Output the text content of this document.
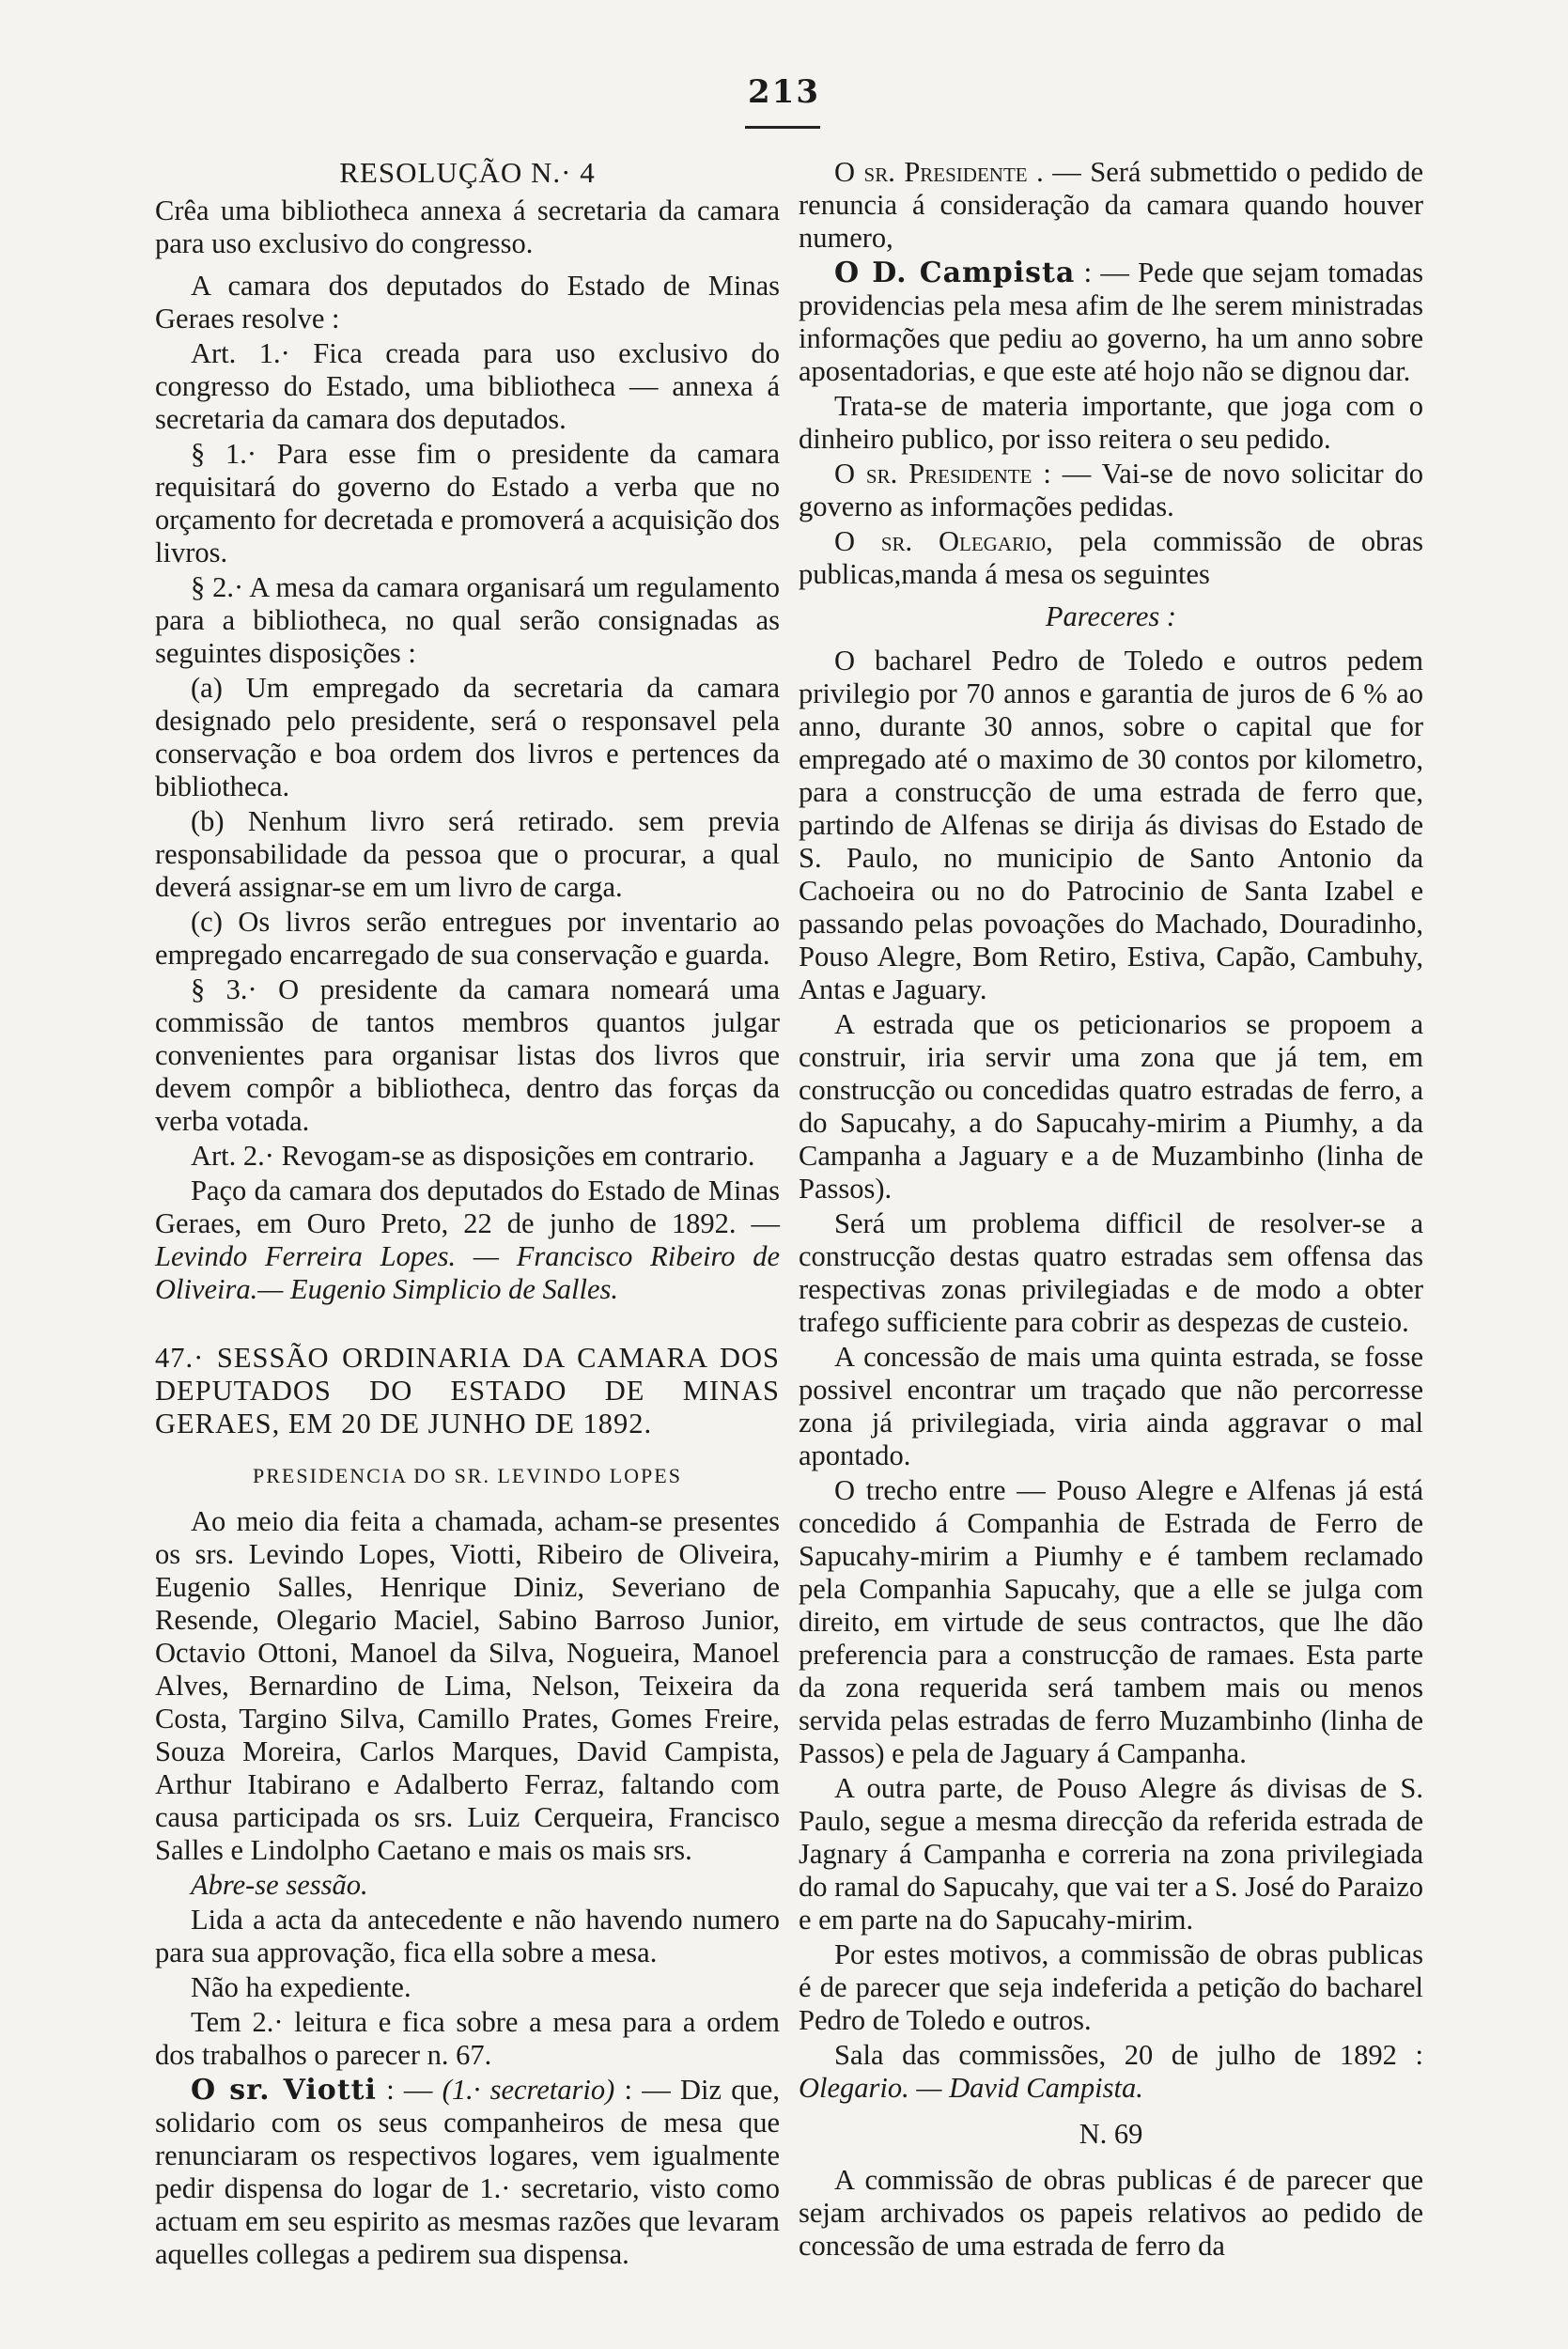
213

RESOLUÇÃO N.· 4

Crêa uma bibliotheca annexa á secretaria da camara para uso exclusivo do congresso.

A camara dos deputados do Estado de Minas Geraes resolve :

Art. 1.· Fica creada para uso exclusivo do congresso do Estado, uma bibliotheca — annexa á secretaria da camara dos deputados.

§ 1.· Para esse fim o presidente da camara requisitará do governo do Estado a verba que no orçamento for decretada e promoverá a acquisição dos livros.

§ 2.· A mesa da camara organisará um regulamento para a bibliotheca, no qual serão consignadas as seguintes disposições :

(a) Um empregado da secretaria da camara designado pelo presidente, será o responsavel pela conservação e boa ordem dos livros e pertences da bibliotheca.

(b) Nenhum livro será retirado. sem previa responsabilidade da pessoa que o procurar, a qual deverá assignar-se em um livro de carga.

(c) Os livros serão entregues por inventario ao empregado encarregado de sua conservação e guarda.

§ 3.· O presidente da camara nomeará uma commissão de tantos membros quantos julgar convenientes para organisar listas dos livros que devem compôr a bibliotheca, dentro das forças da verba votada.

Art. 2.· Revogam-se as disposições em contrario.

Paço da camara dos deputados do Estado de Minas Geraes, em Ouro Preto, 22 de junho de 1892. — Levindo Ferreira Lopes. — Francisco Ribeiro de Oliveira.— Eugenio Simplicio de Salles.

47.· SESSÃO ORDINARIA DA CAMARA DOS DEPUTADOS DO ESTADO DE MINAS GERAES, EM 20 DE JUNHO DE 1892.

PRESIDENCIA DO SR. LEVINDO LOPES

Ao meio dia feita a chamada, acham-se presentes os srs. Levindo Lopes, Viotti, Ribeiro de Oliveira, Eugenio Salles, Henrique Diniz, Severiano de Resende, Olegario Maciel, Sabino Barroso Junior, Octavio Ottoni, Manoel da Silva, Nogueira, Manoel Alves, Bernardino de Lima, Nelson, Teixeira da Costa, Targino Silva, Camillo Prates, Gomes Freire, Souza Moreira, Carlos Marques, David Campista, Arthur Itabirano e Adalberto Ferraz, faltando com causa participada os srs. Luiz Cerqueira, Francisco Salles e Lindolpho Caetano e mais os mais srs.

Abre-se sessão.

Lida a acta da antecedente e não havendo numero para sua approvação, fica ella sobre a mesa.

Não ha expediente.

Tem 2.· leitura e fica sobre a mesa para a ordem dos trabalhos o parecer n. 67.

O sr. Viotti : — (1.· secretario) : — Diz que, solidario com os seus companheiros de mesa que renunciaram os respectivos logares, vem igualmente pedir dispensa do logar de 1.· secretario, visto como actuam em seu espirito as mesmas razões que levaram aquelles collegas a pedirem sua dispensa.

O sr. Presidente . — Será submettido o pedido de renuncia á consideração da camara quando houver numero,

O D. Campista : — Pede que sejam tomadas providencias pela mesa afim de lhe serem ministradas informações que pediu ao governo, ha um anno sobre aposentadorias, e que este até hojo não se dignou dar.

Trata-se de materia importante, que joga com o dinheiro publico, por isso reitera o seu pedido.

O sr. Presidente : — Vai-se de novo solicitar do governo as informações pedidas.

O sr. Olegario, pela commissão de obras publicas,manda á mesa os seguintes

Pareceres :

O bacharel Pedro de Toledo e outros pedem privilegio por 70 annos e garantia de juros de 6 % ao anno, durante 30 annos, sobre o capital que for empregado até o maximo de 30 contos por kilometro, para a construcção de uma estrada de ferro que, partindo de Alfenas se dirija ás divisas do Estado de S. Paulo, no municipio de Santo Antonio da Cachoeira ou no do Patrocinio de Santa Izabel e passando pelas povoações do Machado, Douradinho, Pouso Alegre, Bom Retiro, Estiva, Capão, Cambuhy, Antas e Jaguary.

A estrada que os peticionarios se propoem a construir, iria servir uma zona que já tem, em construcção ou concedidas quatro estradas de ferro, a do Sapucahy, a do Sapucahy-mirim a Piumhy, a da Campanha a Jaguary e a de Muzambinho (linha de Passos).

Será um problema difficil de resolver-se a construcção destas quatro estradas sem offensa das respectivas zonas privilegiadas e de modo a obter trafego sufficiente para cobrir as despezas de custeio.

A concessão de mais uma quinta estrada, se fosse possivel encontrar um traçado que não percorresse zona já privilegiada, viria ainda aggravar o mal apontado.

O trecho entre — Pouso Alegre e Alfenas já está concedido á Companhia de Estrada de Ferro de Sapucahy-mirim a Piumhy e é tambem reclamado pela Companhia Sapucahy, que a elle se julga com direito, em virtude de seus contractos, que lhe dão preferencia para a construcção de ramaes. Esta parte da zona requerida será tambem mais ou menos servida pelas estradas de ferro Muzambinho (linha de Passos) e pela de Jaguary á Campanha.

A outra parte, de Pouso Alegre ás divisas de S. Paulo, segue a mesma direcção da referida estrada de Jagnary á Campanha e correria na zona privilegiada do ramal do Sapucahy, que vai ter a S. José do Paraizo e em parte na do Sapucahy-mirim.

Por estes motivos, a commissão de obras publicas é de parecer que seja indeferida a petição do bacharel Pedro de Toledo e outros.

Sala das commissões, 20 de julho de 1892 : Olegario. — David Campista.

N. 69

A commissão de obras publicas é de parecer que sejam archivados os papeis relativos ao pedido de concessão de uma estrada de ferro da
